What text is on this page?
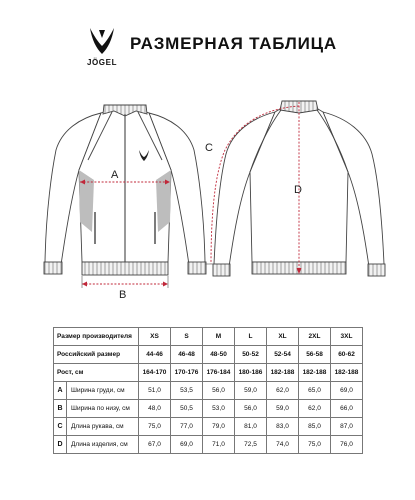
JÖGEL
РАЗМЕРНАЯ ТАБЛИЦА
A
B
C
D
Размер производителя		XS	S	M	L	XL	2XL	3XL
Российский размер		44-46	46-48	48-50	50-52	52-54	56-58	60-62
Рост, см		164-170	170-176	176-184	180-186	182-188	182-188	182-188
A	Ширина груди, см	51,0	53,5	56,0	59,0	62,0	65,0	69,0
B	Ширина по низу, см	48,0	50,5	53,0	56,0	59,0	62,0	66,0
C	Длина рукава, см	75,0	77,0	79,0	81,0	83,0	85,0	87,0
D	Длина изделия, см	67,0	69,0	71,0	72,5	74,0	75,0	76,0
